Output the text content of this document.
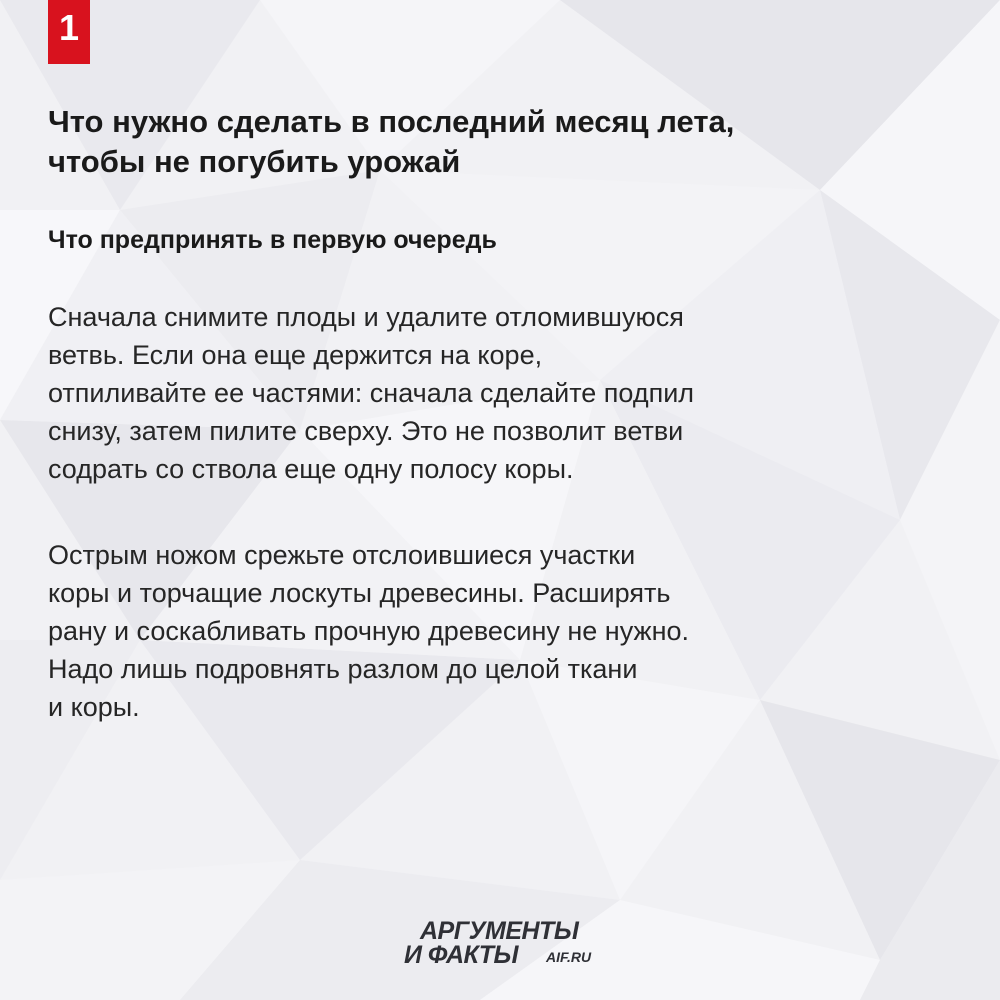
1
Что нужно сделать в последний месяц лета,
чтобы не погубить урожай
Что предпринять в первую очередь
Сначала снимите плоды и удалите отломившуюся
ветвь. Если она еще держится на коре,
отпиливайте ее частями: сначала сделайте подпил
снизу, затем пилите сверху. Это не позволит ветви
содрать со ствола еще одну полосу коры.
Острым ножом срежьте отслоившиеся участки
коры и торчащие лоскуты древесины. Расширять
рану и соскабливать прочную древесину не нужно.
Надо лишь подровнять разлом до целой ткани
и коры.
АРГУМЕНТЫ
И ФАКТЫ AIF.RU
